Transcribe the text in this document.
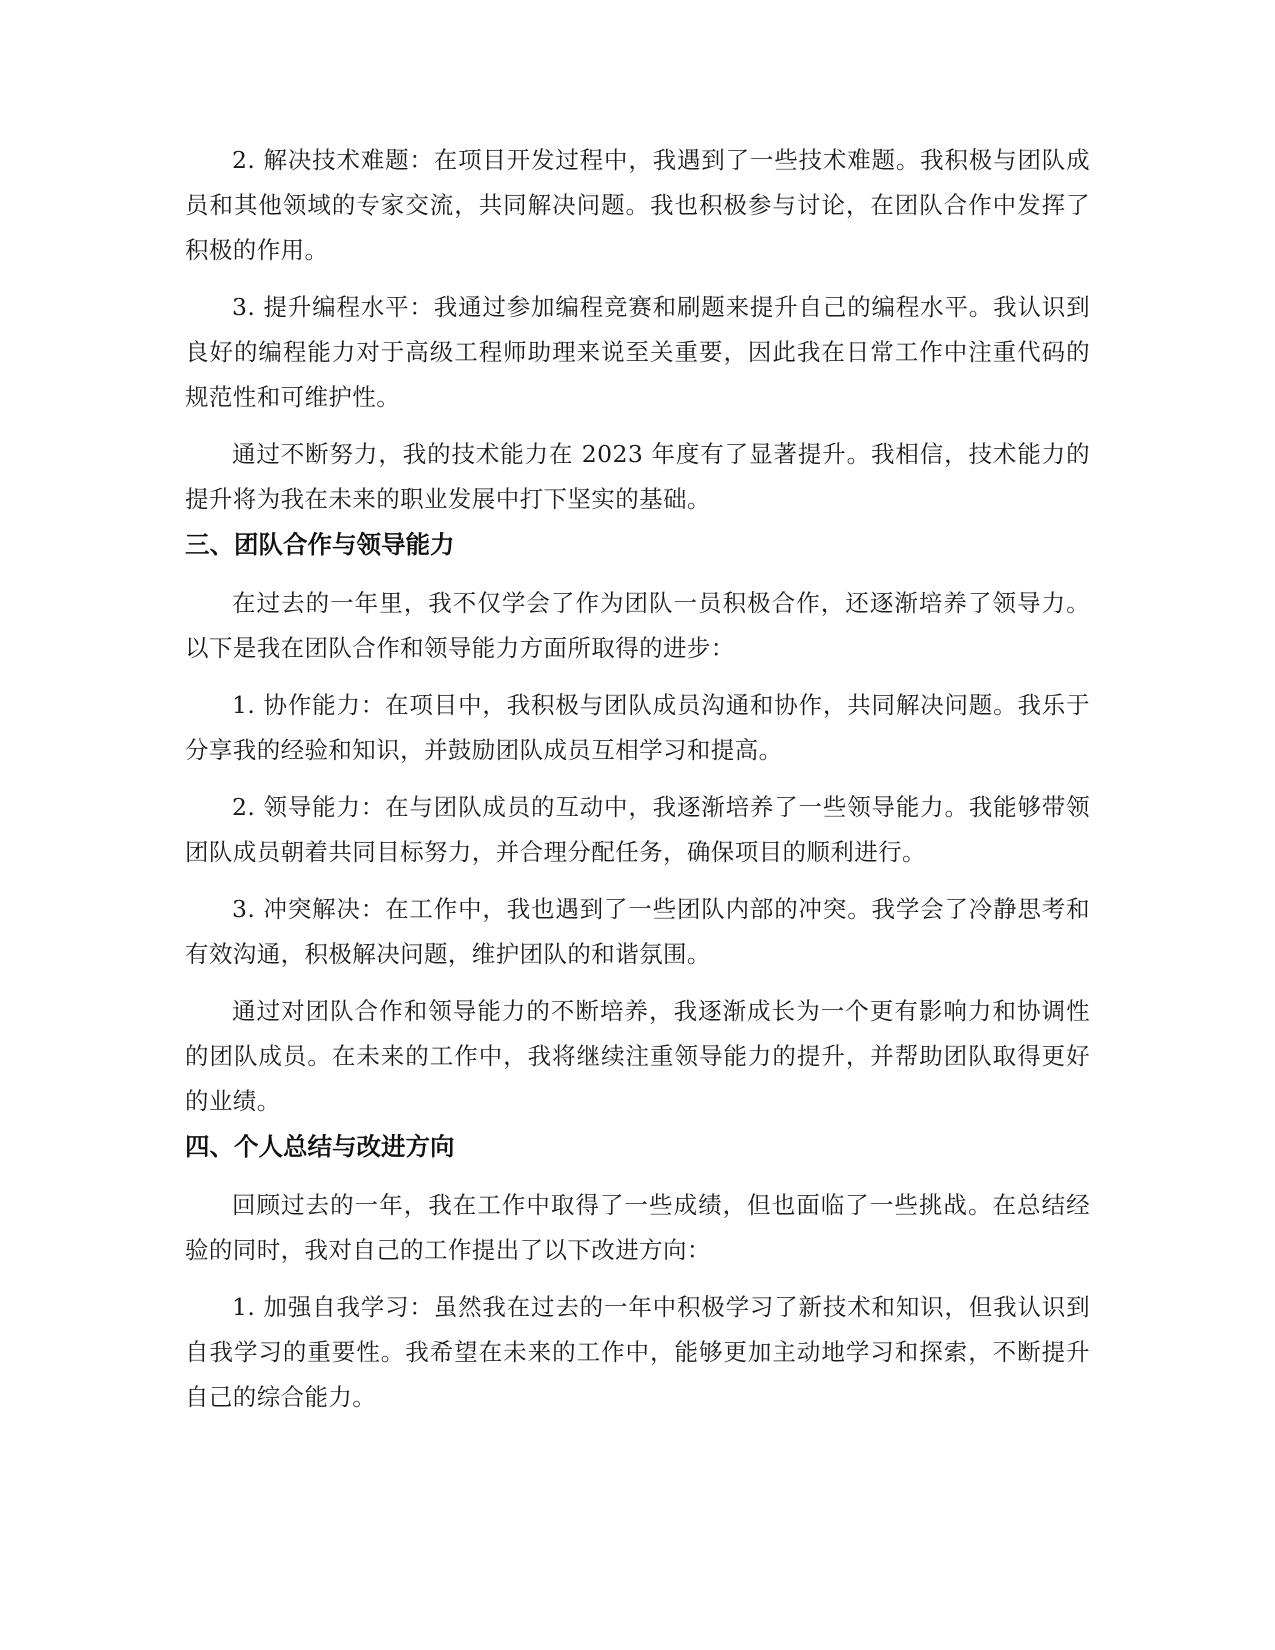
2. 解决技术难题：在项目开发过程中，我遇到了一些技术难题。我积极与团队成员和其他领域的专家交流，共同解决问题。我也积极参与讨论，在团队合作中发挥了积极的作用。

3. 提升编程水平：我通过参加编程竞赛和刷题来提升自己的编程水平。我认识到良好的编程能力对于高级工程师助理来说至关重要，因此我在日常工作中注重代码的规范性和可维护性。

通过不断努力，我的技术能力在 2023 年度有了显著提升。我相信，技术能力的提升将为我在未来的职业发展中打下坚实的基础。

三、团队合作与领导能力

在过去的一年里，我不仅学会了作为团队一员积极合作，还逐渐培养了领导力。以下是我在团队合作和领导能力方面所取得的进步：

1. 协作能力：在项目中，我积极与团队成员沟通和协作，共同解决问题。我乐于分享我的经验和知识，并鼓励团队成员互相学习和提高。

2. 领导能力：在与团队成员的互动中，我逐渐培养了一些领导能力。我能够带领团队成员朝着共同目标努力，并合理分配任务，确保项目的顺利进行。

3. 冲突解决：在工作中，我也遇到了一些团队内部的冲突。我学会了冷静思考和有效沟通，积极解决问题，维护团队的和谐氛围。

通过对团队合作和领导能力的不断培养，我逐渐成长为一个更有影响力和协调性的团队成员。在未来的工作中，我将继续注重领导能力的提升，并帮助团队取得更好的业绩。

四、个人总结与改进方向

回顾过去的一年，我在工作中取得了一些成绩，但也面临了一些挑战。在总结经验的同时，我对自己的工作提出了以下改进方向：

1. 加强自我学习：虽然我在过去的一年中积极学习了新技术和知识，但我认识到自我学习的重要性。我希望在未来的工作中，能够更加主动地学习和探索，不断提升自己的综合能力。
